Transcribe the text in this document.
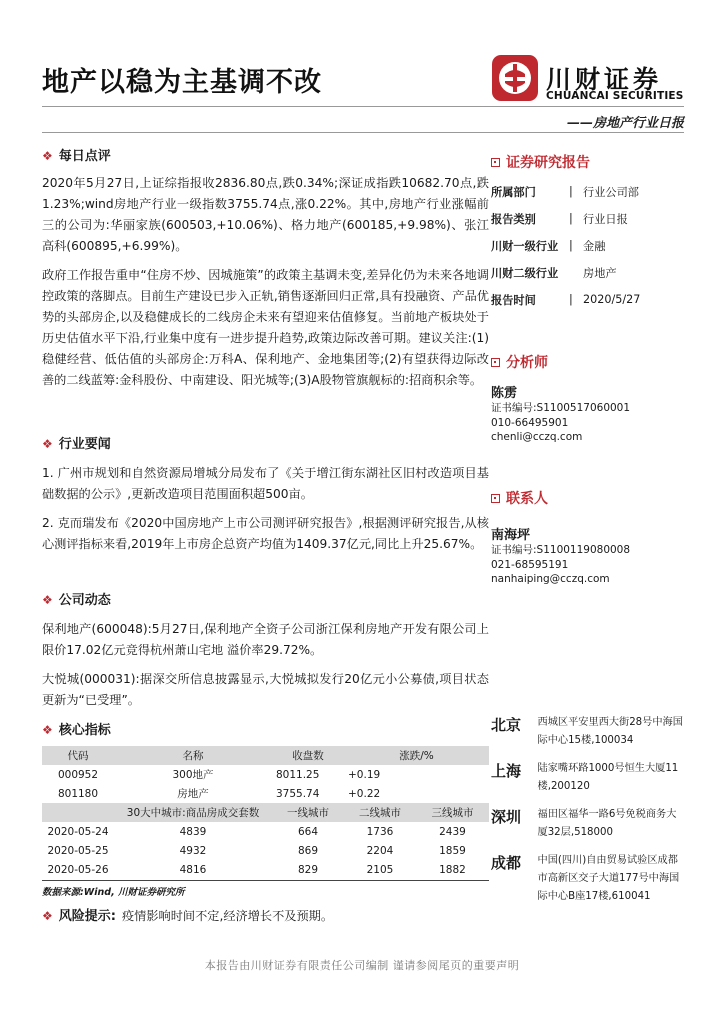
地产以稳为主基调不改	川财证券
CHUANCAI SECURITIES
——房地产行业日报
❖ 每日点评
2020年5月27日,上证综指报收2836.80点,跌0.34%;深证成指跌10682.70点,跌1.23%;wind房地产行业一级指数3755.74点,涨0.22%。其中,房地产行业涨幅前三的公司为:华丽家族(600503,+10.06%)、格力地产(600185,+9.98%)、张江高科(600895,+6.99%)。
政府工作报告重申“住房不炒、因城施策”的政策主基调未变,差异化仍为未来各地调控政策的落脚点。目前生产建设已步入正轨,销售逐渐回归正常,具有投融资、产品优势的头部房企,以及稳健成长的二线房企未来有望迎来估值修复。当前地产板块处于历史估值水平下沿,行业集中度有一进步提升趋势,政策边际改善可期。建议关注:(1)稳健经营、低估值的头部房企:万科A、保利地产、金地集团等;(2)有望获得边际改善的二线蓝筹:金科股份、中南建设、阳光城等;(3)A股物管旗舰标的:招商积余等。
❖ 行业要闻
1. 广州市规划和自然资源局增城分局发布了《关于增江街东湖社区旧村改造项目基础数据的公示》,更新改造项目范围面积超500亩。
2. 克而瑞发布《2020中国房地产上市公司测评研究报告》,根据测评研究报告,从核心测评指标来看,2019年上市房企总资产均值为1409.37亿元,同比上升25.67%。
❖ 公司动态
保利地产(600048):5月27日,保利地产全资子公司浙江保利房地产开发有限公司上限价17.02亿元竞得杭州萧山宅地 溢价率29.72%。
大悦城(000031):据深交所信息披露显示,大悦城拟发行20亿元小公募债,项目状态更新为“已受理”。
❖ 核心指标
代码	名称	收盘数	涨跌/%	
000952	300地产	8011.25	+0.19	
801180	房地产	3755.74	+0.22	
	30大中城市:商品房成交套数	一线城市	二线城市	三线城市
2020-05-24	4839	664	1736	2439
2020-05-25	4932	869	2204	1859
2020-05-26	4816	829	2105	1882
数据来源:Wind, 川财证券研究所
❖ 风险提示: 疫情影响时间不定,经济增长不及预期。
证券研究报告
所属部门	| 行业公司部
报告类别	| 行业日报
川财一级行业 | 金融
川财二级行业	房地产
报告时间	| 2020/5/27
分析师
陈雳
证书编号:S1100517060001
010-66495901
chenli@cczq.com
联系人
南海坪
证书编号:S1100119080008
021-68595191
nanhaiping@cczq.com
北京	西城区平安里西大街28号中海国际中心15楼,100034
上海	陆家嘴环路1000号恒生大厦11楼,200120
深圳	福田区福华一路6号免税商务大厦32层,518000
成都	中国(四川)自由贸易试验区成都市高新区交子大道177号中海国际中心B座17楼,610041
本报告由川财证券有限责任公司编制 谨请参阅尾页的重要声明
